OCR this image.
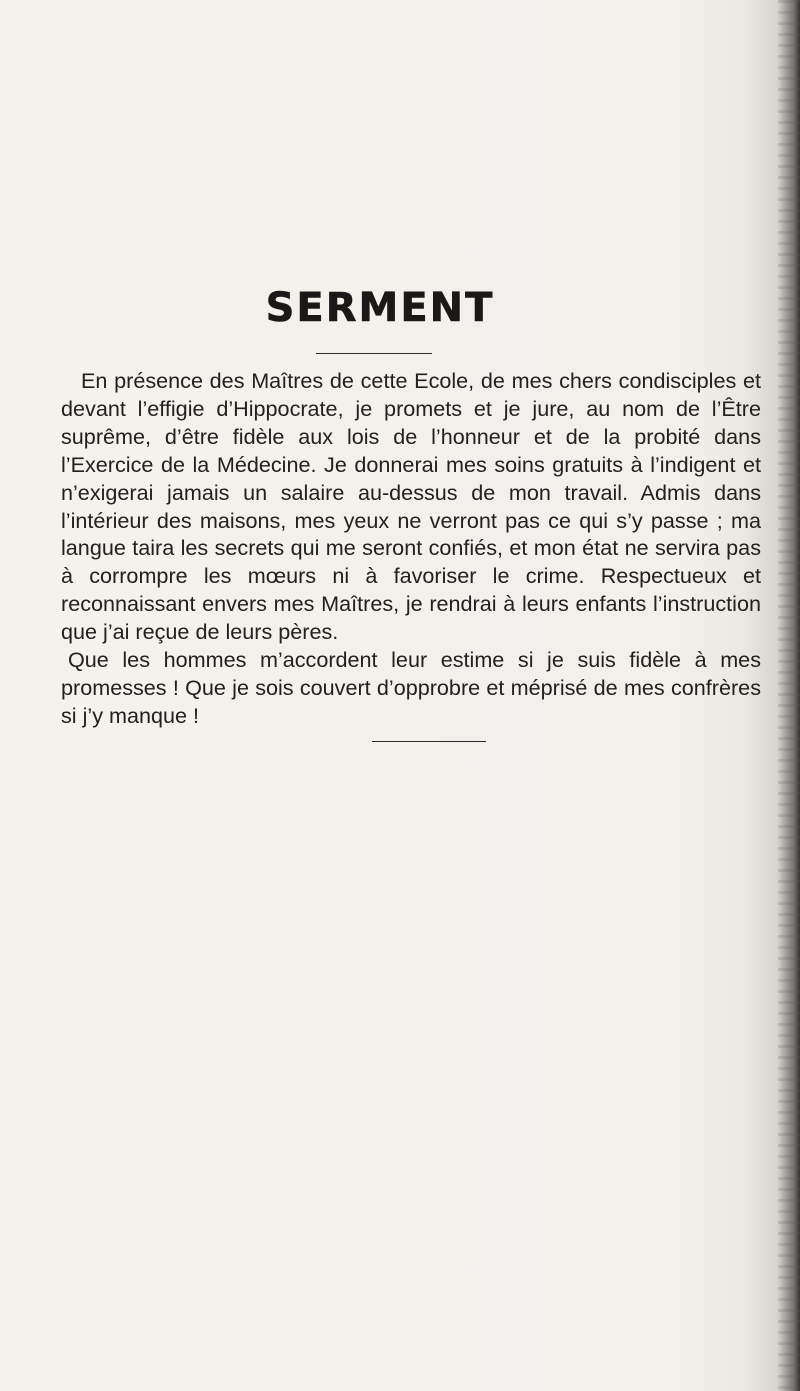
SERMENT

En présence des Maîtres de cette Ecole, de mes chers condisciples et devant l’effigie d’Hippocrate, je promets et je jure, au nom de l’Être suprême, d’être fidèle aux lois de l’honneur et de la probité dans l’Exercice de la Médecine. Je donnerai mes soins gratuits à l’indigent et n’exigerai jamais un salaire au-dessus de mon travail. Admis dans l’intérieur des maisons, mes yeux ne verront pas ce qui s’y passe ; ma langue taira les secrets qui me seront confiés, et mon état ne servira pas à corrompre les mœurs ni à favoriser le crime. Respectueux et reconnaissant envers mes Maîtres, je rendrai à leurs enfants l’instruction que j’ai reçue de leurs pères.

Que les hommes m’accordent leur estime si je suis fidèle à mes promesses ! Que je sois couvert d’opprobre et méprisé de mes confrères si j’y manque !
